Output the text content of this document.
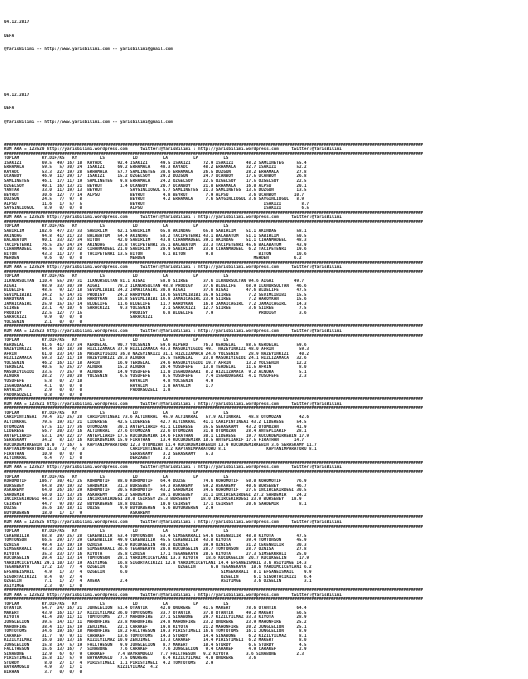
04.12.2017

UEFA

@YarisBilimi -- http://www.yarisbilimi.com -- yarisbilimi@gmail.com

04.12.2017

UEFA

@YarisBilimi -- http://www.yarisbilimi.com -- yarisbilimi@gmail.com

#############################################################################################################################################################################
KUM ARA = 123520 http://yarisbilimi.wordpress.com     twitter:@YarisBilimi : http://yarisbilimi.wordpress.com     twitter:@YarisBilimi
#############################################################################################################################################################################
TOPLAM         KY.DIF/KS   KY         LS           LD          LA          LP          LS
ISAKIZI        69.5  49/ 16/ 10  KAYADC      92.4 ISAKIZI     49.5 ISAKIZI     72.9 ISAKIZI     48.2 SAMLINETEG     55.4
ERHAMALA       59.5   5/ 30/ 24  ISAKIZI     69.2 ERHAMALA    48.3 KAYADC      48.2 ERHAMALA    32.7 ISAKIZI        52.2
KAYADC         53.3  22/ 19/ 28  ERHAMALA    57.7 SAMLINETEG  38.6 ERHAMALA    26.5 DUZGUN      28.2 ERHAMALA       27.8
UCANBOY        46.9  11/ 29/ 17  ISAKIZI     15.2 OZGELSOY    29.2 DUZGUN      24.7 UCANBOY     17.5 UCANBOY        26.8
SAMLINETEG     46.1  17/ 11/ 19  SAMLINETEG   9.8 ERHAMALA    24.2 OZGELSOY    22.5 OZGELSOY    17.5 OZGELSOY       22.5
OZGELSOY       40.1  16/ 13/ 21  BEYRUT       1.4 UCANBOY     20.7 UCANBOY     21.8 ERHAMALA    16.0 ALPSU          20.1
YANTAR         33.0  11/ 19/ 13  BEYRUT           SAYGINLIOGUL 5.7 SAMLINETEG  21.3 SAMLINETEG  13.5 DUZGUN         13.5
BEYRUT         30.6  12/  7/ 14  ALPSU            BEYRUT       4.8 BEYRUT       7.9 ALPSU        3.6 UCANBOY       10.7
DUZGUN         24.5   7/  9/  8                   BEYRUT       4.2 ERHAMALA     7.6 SAYGINLIOGUL 3.6 SAYGINLIOGUL   8.9
ALPSU          11.6   1/  5/  5                   BEYRUT                                               ISAKIZI        8.7
SAYGINLIOGUL    8.9   0/  0/  0                   ALPSU                                                ISAKIZI        6.5
#############################################################################################################################################################################
KUM ARA = 123526 http://yarisbilimi.wordpress.com     twitter:@YarisBilimi : http://yarisbilimi.wordpress.com     twitter:@YarisBilimi
#############################################################################################################################################################################
TOPLAM         KY.DIF/KS   KY         LS           LD          LA          LP          LS
SABIRLIM      102.6  47/ 23/ 33  SABIRLIM    62.1 SABIRLIM    65.8 AKINDAG     65.8 SABIRLIM    51.1 AKINDAG        58.1
AKINDAG        94.8  41/ 21/ 23  BALABATUM   54.4 AKINDAG     58.2 TACIPETENRI 43.1 BALABATUM   51.1 SABIRLIM       50.5
BALABATUM      90.1  33/ 32/ 34  BITON       42.0 SABIRLIM    43.8 CIHANMADEEL 39.1 AKINDAG     51.1 CIHANMADEEL    48.3
TACIPETENRI    76.5  25/ 24/ 24  AKINDAG     33.8 TACIPETENRI 35.1 BALABATUM   23.3 TACIPETENRI 45.6 BALABATUM      43.9
CIHANMADEEL    46.5   8/ 20/ 32  CIHANMADEEL 21.0 SABIRLIM    20.9 SABIRLIM    23.0 CIHANMADEEL  6.2 TACIPETENRI    19.6
BITON          43.3  11/ 17/  8  TACIPETENRI 13.5 BITON        6.1 BITON        9.8                  BITON          10.6
MEHDEN          9.6   0/  0/  0                   MEHDEN                                           MEHDEN          6.2
#############################################################################################################################################################################
KUM ARA = 123524 http://yarisbilimi.wordpress.com     twitter:@YarisBilimi : http://yarisbilimi.wordpress.com     twitter:@YarisBilimi
#############################################################################################################################################################################
TOPLAM         KY.DIF/KS   KY         LS           LD          LA          LP          LS
ILKNURSULTAN  110.4  55/ 29/ 31  ILKNURSULTAN 81.1 AIGAI      58.0 SIIREE      37.6 ILKNURSULTAN 94.6 AIGAI        49.7
AIGAI          98.9  33/ 30/ 39  AIGAI       78.2 ILKNURSULTAN 48.8 PRODIGY    37.6 BLUELIFE    68.9 ILKNURSULTAN   46.6
BLUELIFE       48.5   9/ 12/ 18  SEVIMLIBIBI 34.2 JAMAICAGIRL 30.8 AIGAI       37.6 AIGAI       47.6 BLUELIFE       47.5
SEVIMLIBIBI    34.2   5/ 14/ 31  PRODIGY     24.2 HAROYKAN    18.6 SEVIMLIBIBI 35.9 SIIREE       7.2 SEVIMLIBIBI    15.5
HAROYKAN       29.1   5/ 23/ 16  HAROYKAN    18.8 SEVIMLIBIBI 16.8 JAMAICAGIRL 23.9 SIIREE       7.2 HAROYKAN       15.6
JAMAICAGIRL    25.9  15/ 15/ 14  BLUELIFE    11.6 BLUELIFE    11.7 HAROYKAN    16.8 JAMAICAGIRL  7.2 JAMAICAGIRL    14.3
SIIREE         23.1   4/ 10/  6  SARACKIZI    9.3 YOLSENIN     2.1 SARACKIZI   12.7 SIIREE       3.6 SIIREE          7.5
PRODIGY        22.5  12/  7/ 15                   PRODIGY      6.8 BLUELIFE     7.9                  PRODIGY         3.6
SARACKIZI       9.9   0/  0/  0                   SARACKIZI
YOLSENIN        2.1   0/  0/  0
#############################################################################################################################################################################
KUM ARA = 123523 http://yarisbilimi.wordpress.com     twitter:@YarisBilimi : http://yarisbilimi.wordpress.com     twitter:@YarisBilimi
#############################################################################################################################################################################
TOPLAM         KY.DIF/KS   KY         LS           LD          LA          LP          LS
KERDELAL       91.6  41/ 33/ 34  KERDELAL    90.7 YOLSENIN    59.6 ALPERO      76.3 KERDELAL    88.5 KERDELAL       59.6
NAZEYINKIZI    64.4  10/ 18/ 30  HIZLIZAMACA 37.9 HIZLIZAMACA 43.3 MASUKIYIGIDI 49.  NAZEYINKIZI 48.0 AFRIN          59.3
AFRIN          61.0  23/ 14/ 16  MASUKIYIGIDI 36.8 NAZEYINKIZI 31.1 HIZLIZAMACA 24.6 YOLSENIN    28.9 NAZEYINKIZI    40.2
HIZLIZAMACA    59.3  12/ 11/ 19  NAZEYINKIZI 28.3 ALNURA      25.5 TERDELAL    23.8 MASUKIYIGIDI 24.1 HIZLIZAMACA   32.6
YOLSENIN       46.2  16/ 11/ 18  AFRIN       16.9 TERDELAL    24.6 HASUKIYIGIDI 19.7 AFRIN      13.2 YOLSENIN       12.2
TERDELAL       40.5   5/ 25/ 27  ALNURA      15.2 ALNURA      20.4 YUSUFEFE    13.8 TERDELAL    11.5 AFRIN           8.0
MASUKIYIGIDI   33.5   7/ 25/  9  ALNURA      14.9 YUSUFEFE    11.0 ISGHUDAGARI  8.2 HIZLIZAMACA  9.2 ALNURA          5.1
ALNURA         28.2   7/ 20/ 20  YOLSENIN     6.5 YUSUFEFE     8.5 YUSUFEFE     7.4 ISGHUDAGARI  4.1 YUSUFEFE        2.3
YUSUFEFE        5.8   0/  2/ 10                   HAYALIM      4.8 YOLSENIN     4.9
ISGHUDAGARI     4.1   0/  0/  0                   HAYALIM      1.8 HAYALIM      1.7
HAYALIM         2.9   0/  0/  0                   PADOKGUZELI  1.8
PADOKGUZELI     0.8   0/  0/  0
#############################################################################################################################################################################
KUM ARA = 123521 http://yarisbilimi.wordpress.com     twitter:@YarisBilimi : http://yarisbilimi.wordpress.com     twitter:@YarisBilimi
#############################################################################################################################################################################
TOPLAM         KY.DIF/KS   KY         LS           LD          LA          LP          LS
CARIPINTINEAI  79.4  31/ 25/ 28  CARIPINTINEAI 73.6 ALTINKRAL  45.9 ALTINKRAL   57.9 ALTINKRAL   48.8 OTOMOZAN       42.6
ALTINKRAL      79.5  19/ 31/ 21  LIDERESE    42.5 LIDERESE    42.7 ALTINKRAL   41.1 CARIPINTINEAI 43.2 LIDERESE     54.5
OTOMOZAN       57.5  11/ 17/ 36  OTOMOZAN    30.1 ANTEPLIARIF 41.1 LIDERESE    35.5 SERASKAMY   43.2 OTOMOZAN       41.9
LIDERESE       56.7  20/ 23/ 16  ALTINKRAL   27.6 OTOMOZAN    22.6 OTOMOZAN    31.0 OTOMOZAN    28.4 ANTEPLIARIF    28.1
ANTEPLIARIF    53.1  24/ 22/ 27  ANTEPLIARIF 17.5 KUCUKDEMIRK 14.6 FIRATHAN    30.1 LIDERESE    19.7 KUCUKDEMIRKEBIN 17.9
SERASKAMY      34.2   8/ 13/ 16  KUCUKDEMIRK 15.9 FIRATHAN    13.4 KUCUKDEMIRK 18.5 ANTEPLIARIF 17.5 FIRATHAN      14.7
KUCUKDEMIRKEBIN 19.0  7/ 16/  5  KAPTANIMPARATORU 12.3 OTOMOZAN 11.4 KUCUKDEMIRKEBIN 13.9 KUCUKDEMIRKEBIN 3.6 SERASKAMY 11.7
KAPTANIMPARATORU 11.0  1/  4/  3                  CARIPINTINEAI 8.2 KAPTANIMPARATORU 8.1                KAPTANIMPARATORU 8.1
FIRATHAN       10.9   0/  0/  0                   SERASKAMY    3.2 SERASKAMY    5.3
ALTINKRAL       6.4   7/  1/  0                   DERZABET     3.2
#############################################################################################################################################################################
KUM ARA = 123527 http://yarisbilimi.wordpress.com     twitter:@YarisBilimi : http://yarisbilimi.wordpress.com     twitter:@YarisBilimi
#############################################################################################################################################################################
TOPLAM         KY.DIF/KS   KY         LS           LD          LA          LP          LS
KOHOMOTIF     106.7  30/ 41/ 25  KOHOMOTIF   88.0 KOHOMOTIF   64.4 DUZSE       74.6 KOHOMOTIF   50.0 KOHOMOTIF      76.9
BURSEBEY       64.8  29/ 19/ 32  SAHDEMIR    31.3 BURSEBEY    54.3 ASKAREMY    59.2 ASKAREMY    40.6 BURSEBEY       46.7
ASKAREMY       64.0  26/ 16/ 29  KOHOMOTIF   30.5 KOHOMOTIF   43.2 SAHDEMIR    34.5 KOHOMOTIF   27.5 INCIRCEKIRDEGI 30.5
SAHDEMIR       50.0  11/ 13/ 26  ASKAREMY    28.2 SAHDEMIR    39.1 BURSEBEY    31.1 INCIRCEKIRDEGI 27.2 SAHDEMIR    24.2
INCIRCEKIRDEGI 44.3  17/ 16/ 21  INCIRCEKIRDEGI 28.0 CEIRSEY 25.3 BURSEBEY    18.0 INCIRCEKIRDEGI 23.9 BURSEBEY   18.9
CEIRSEY        44.7   9/ 20/ 22  BUYUKBEREN  18.8 DUZSE       10.0 CEIRSEY     17.1 CEIRSEY     20.6 SAHDEMIR        8.1
DUZSE          35.6  18/ 18/ 11  DUZSE        9.9 BUYUKBEREN   5.6 BUYUKBEREN   2.9
BUYUKBEREN     18.0   1/  1/  9                   ASKAREMY
#############################################################################################################################################################################
KUM ARA = 123525 http://yarisbilimi.wordpress.com     twitter:@YarisBilimi : http://yarisbilimi.wordpress.com     twitter:@YarisBilimi
#############################################################################################################################################################################
TOPLAM         KY.DIF/KS   KY         LS           LD          LA          LP          LS
CEKENBILIR     68.8  29/ 25/ 28  CEKENBILIR  53.4 TOMTONSON   53.4 SIMSEKKRALI 54.6 CEKENBILIR  48.8 KIYOTA         47.5
TOMTONSON      66.5  29/ 17/ 29  CEKENBILIR  49.9 CEKENBILIR  45.5 CEKENBILIR  43.8 KIYOTA      39.4 TOMTONSON      45.9
OZNISA         49.4  13/ 19/ 19  OZNISA      42.9 KUCUKGELIN  40.3 OZNISA      39.9 OZNISA      31.2 CEKENBILIR     30.3
SIMSEKKRALI    43.3  25/ 12/ 18  SIMSEKKRALI 36.6 TEGANEKAYA  20.8 KUCUKGELIN  28.7 TOMTONSON   28.7 OZNISA         27.8
KIYOTA         35.3  23/ 17/ 16  KIYOTA      35.8 CZNISA      17.1 TEGANEKAYA  20.5 KIYOTA      27.3 SIMSEKKRALI    25.0
KUCUKGELIN     29.4  11/ 13/ 14  TOMTONSON   28.1 YARDIMCICEYLANI 13.3 KIYOTA   18.6 KUCUKGELIN  20.7 KUCUKGELIN     17.9
YARDIMCICEYLANI 29.1 10/ 13/ 19  ASIYIMGE    16.8 SIGORTACIKIZI 12.8 YARDIMCICEYLANI 14.4 EFSANEISMAIL 3.6 ASIYIMGE 14.3
TEGANEKAYA     17.2  13/  7/  4  OZGELIN      6.0                    OZGELIN      6.0 TEGANEKAYA  10.6 YARDIMCICEYLANI 6.2
EFSANEISMAIL    4.9   1/  3/  4  OZGELIN      6.0                                     SIMSEKKRALI  8.1 EFSANEISMAIL    9.9
SIGORTACIKIZI   8.4   0/  2/  4                                                       OZGELIN      6.1 SIGORTACIKIZI   6.4
OZGELIN         7.1   1/  2/  4  AVERA        2.4                                     ASIYIMGE     3.6 OZGELIN         3.1
ASIYIMGE        2.3   0/  1/  0
#############################################################################################################################################################################
KUM ARA = 123522 http://yarisbilimi.wordpress.com     twitter:@YarisBilimi : http://yarisbilimi.wordpress.com     twitter:@YarisBilimi
#############################################################################################################################################################################
TOPLAM         KY.DIF/KS   KY         LS           LD          LA          LP          LS
OTANTIK        54.7  24/ 16/ 21  JUNGLELION  51.4 OTANTIK     42.0 ONURERE     41.5 MAKERT      78.6 OTANTIK        64.4
MAKERT         43.9  16/ 11/ 17  KIZILYILMAZ 36.0 TOMTOSOMS   33.7 OTANTIK     37.8 OTANTIK     49.2 MAKERT         56.5
KIYOTA         41.4  20/ 11/ 11  TOMTOTOMS   27.7 MAHONFIRE   27.1 SINABONE    29.7 KIZILYILMAZ 33.3 KIYOTA         28.9
JUNGLELION     39.5  14/ 11/ 11  MAHONFIRE   23.8 MAHONFIRE   24.8 MAHONFIRE   23.2 ONURERE     23.9 MAHONFIRE      25.2
MAHONFIRE      38.4  11/ 15/ 19  ZENJIMEL    22.1 CARAKEF     19.8 KIYOTA      21.2 MAHONFIRE   20.2 JUNGLELION     25.1
TOMTOTOMS      34.6  19/ 16/ 18  MAHONFIRE   18.2 FALLTHESUN  19.3 PIRISTIMELI 16.6 TOMTOTOMS   16.1 JUNGLELION      8.9
CARAKEF        31.7   9/  9/ 11  CARAKEF     13.6 TOMTOTOMS   14.3 STURDY      14.4 SINABONE     6.2 KIZILYILMAZ     8.1
KIZILYILMAZ    16.0  10/ 13/ 16  KIZILYILMAZ 10.9 ZENJIMEL    13.3 CARAKEF     14.4 PIRISTIMELI  6.2 MAKERT          8.0
JUNGLELION     15.8  14/  5/ 19  FALLTHESUN   9.9 JUNGLELION   8.7 MAKERT      10.4 STURDY       6.5 STURDY          4.5
FALLTHESUN     15.6  13/ 16/  7  SINABONE     7.6 CARAKEF      7.6 JUNGLELION   9.4 CARAKEF      4.9 CARAKEF         2.9
SINABONE       12.9   6/  6/  9  CARAKEF     7.4 BAYRAMOGLU   7.7 FALLTHESUN   9.2 KIYOTA       3.6 SINABONE        2.3
PIRISTIMELI    15.8  11/  5/  9  BAYRAMOGLU   7.5 ONURERE      6.4 KIZILYILMAZ  4.0 ONURERE      3.6
STURDY          8.0   2/  1/  4  PIRISTIMELI  1.1 PIRISTIMELI  4.2 TOMTOTOMS    2.9
BAYRAMOGLU      4.9   3/  1/  1              KIZILYILMAZ  4.2
BIRHAN          3.7   0/  0/  0
